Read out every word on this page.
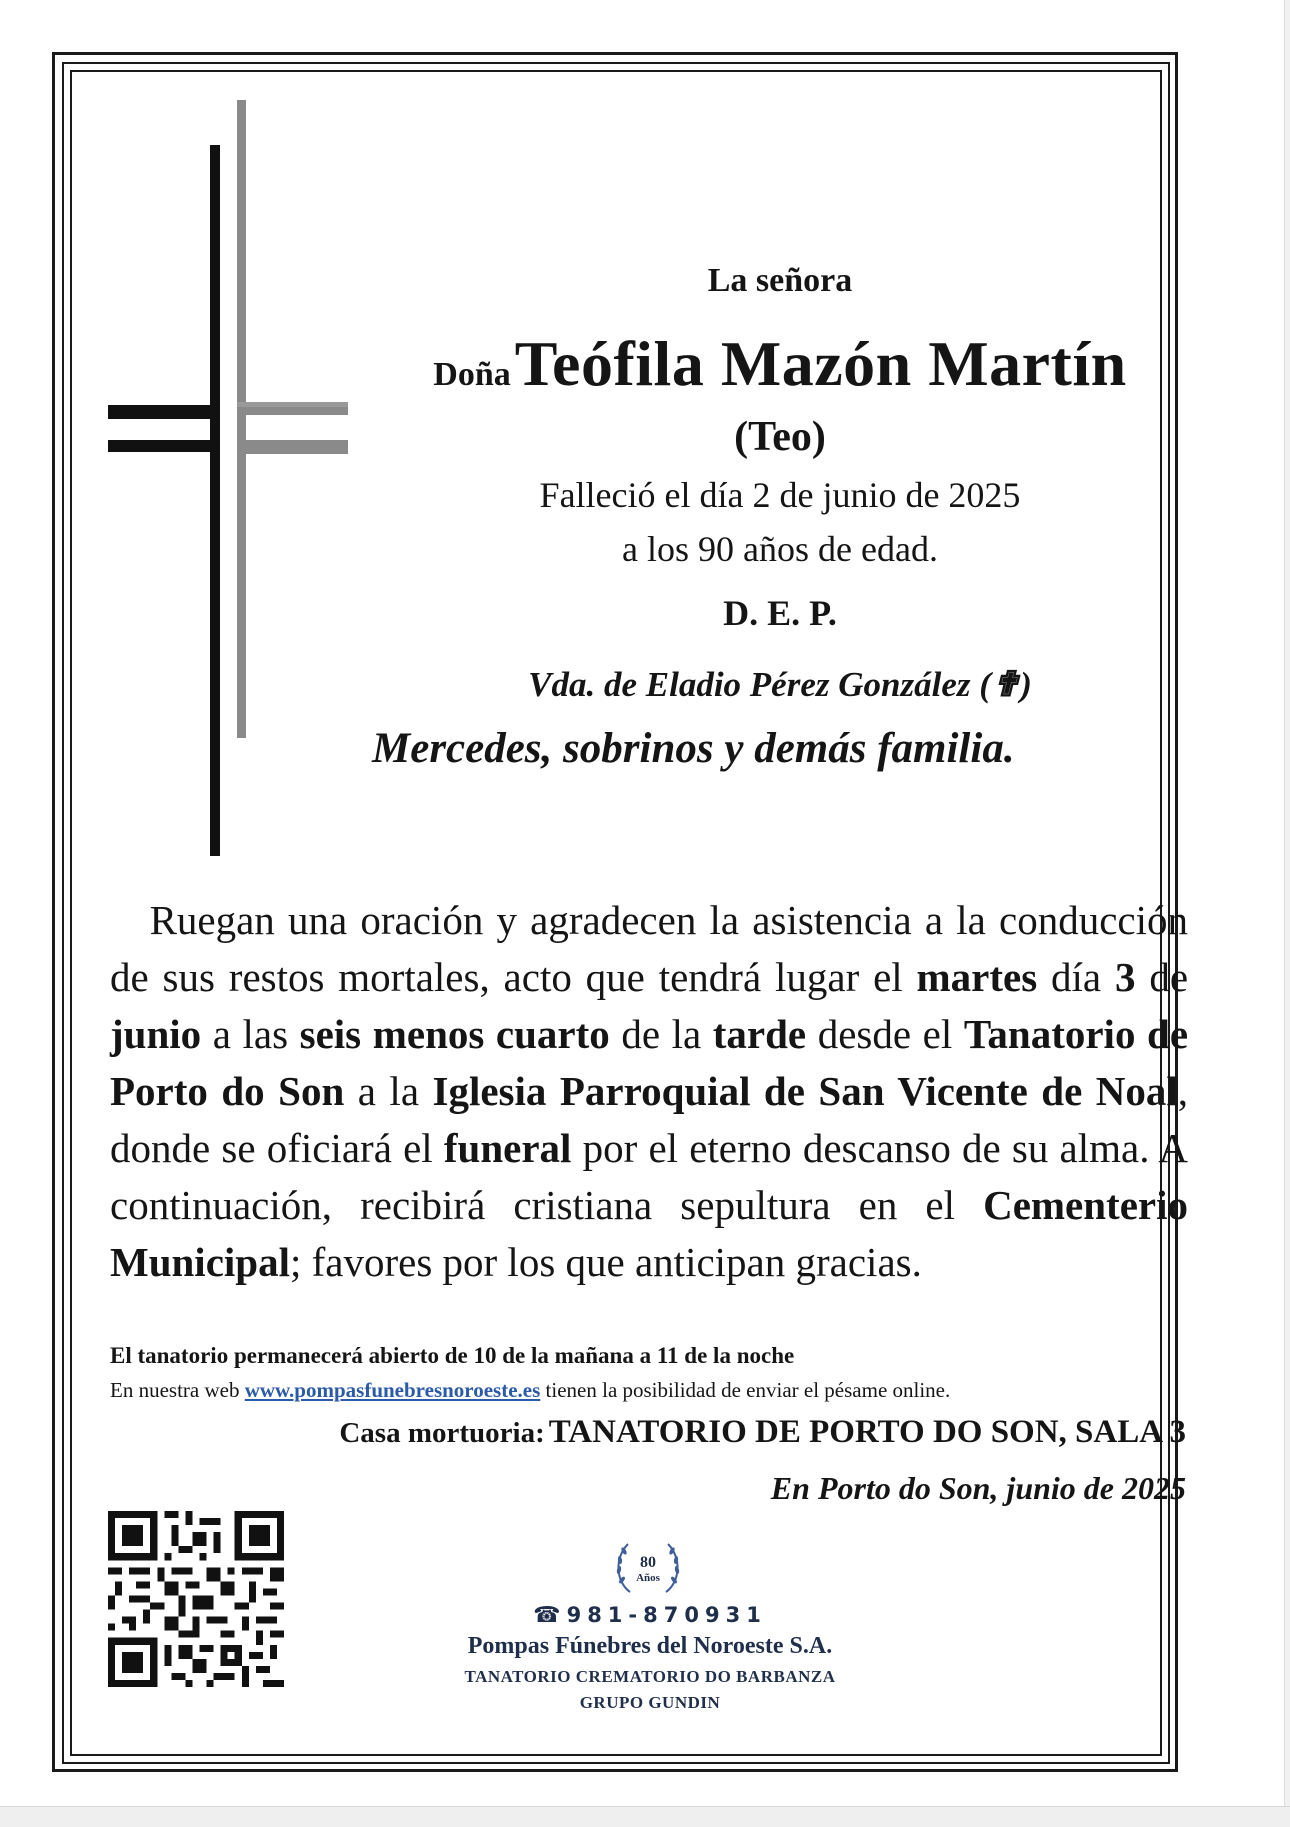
La señora
Doña Teófila Mazón Martín
(Teo)
Falleció el día 2 de junio de 2025
a los 90 años de edad.
D. E. P.
Vda. de Eladio Pérez González (✟)
Mercedes, sobrinos y demás familia.
Ruegan una oración y agradecen la asistencia a la conducción de sus restos mortales, acto que tendrá lugar el martes día 3 de junio a las seis menos cuarto de la tarde desde el Tanatorio de Porto do Son a la Iglesia Parroquial de San Vicente de Noal, donde se oficiará el funeral por el eterno descanso de su alma. A continuación, recibirá cristiana sepultura en el Cementerio Municipal; favores por los que anticipan gracias.
El tanatorio permanecerá abierto de 10 de la mañana a 11 de la noche
En nuestra web www.pompasfunebresnoroeste.es tienen la posibilidad de enviar el pésame online.
Casa mortuoria: TANATORIO DE PORTO DO SON, SALA 3
En Porto do Son, junio de 2025
80
Años
☎ 981-870931
Pompas Fúnebres del Noroeste S.A.
TANATORIO CREMATORIO DO BARBANZA
GRUPO GUNDIN
